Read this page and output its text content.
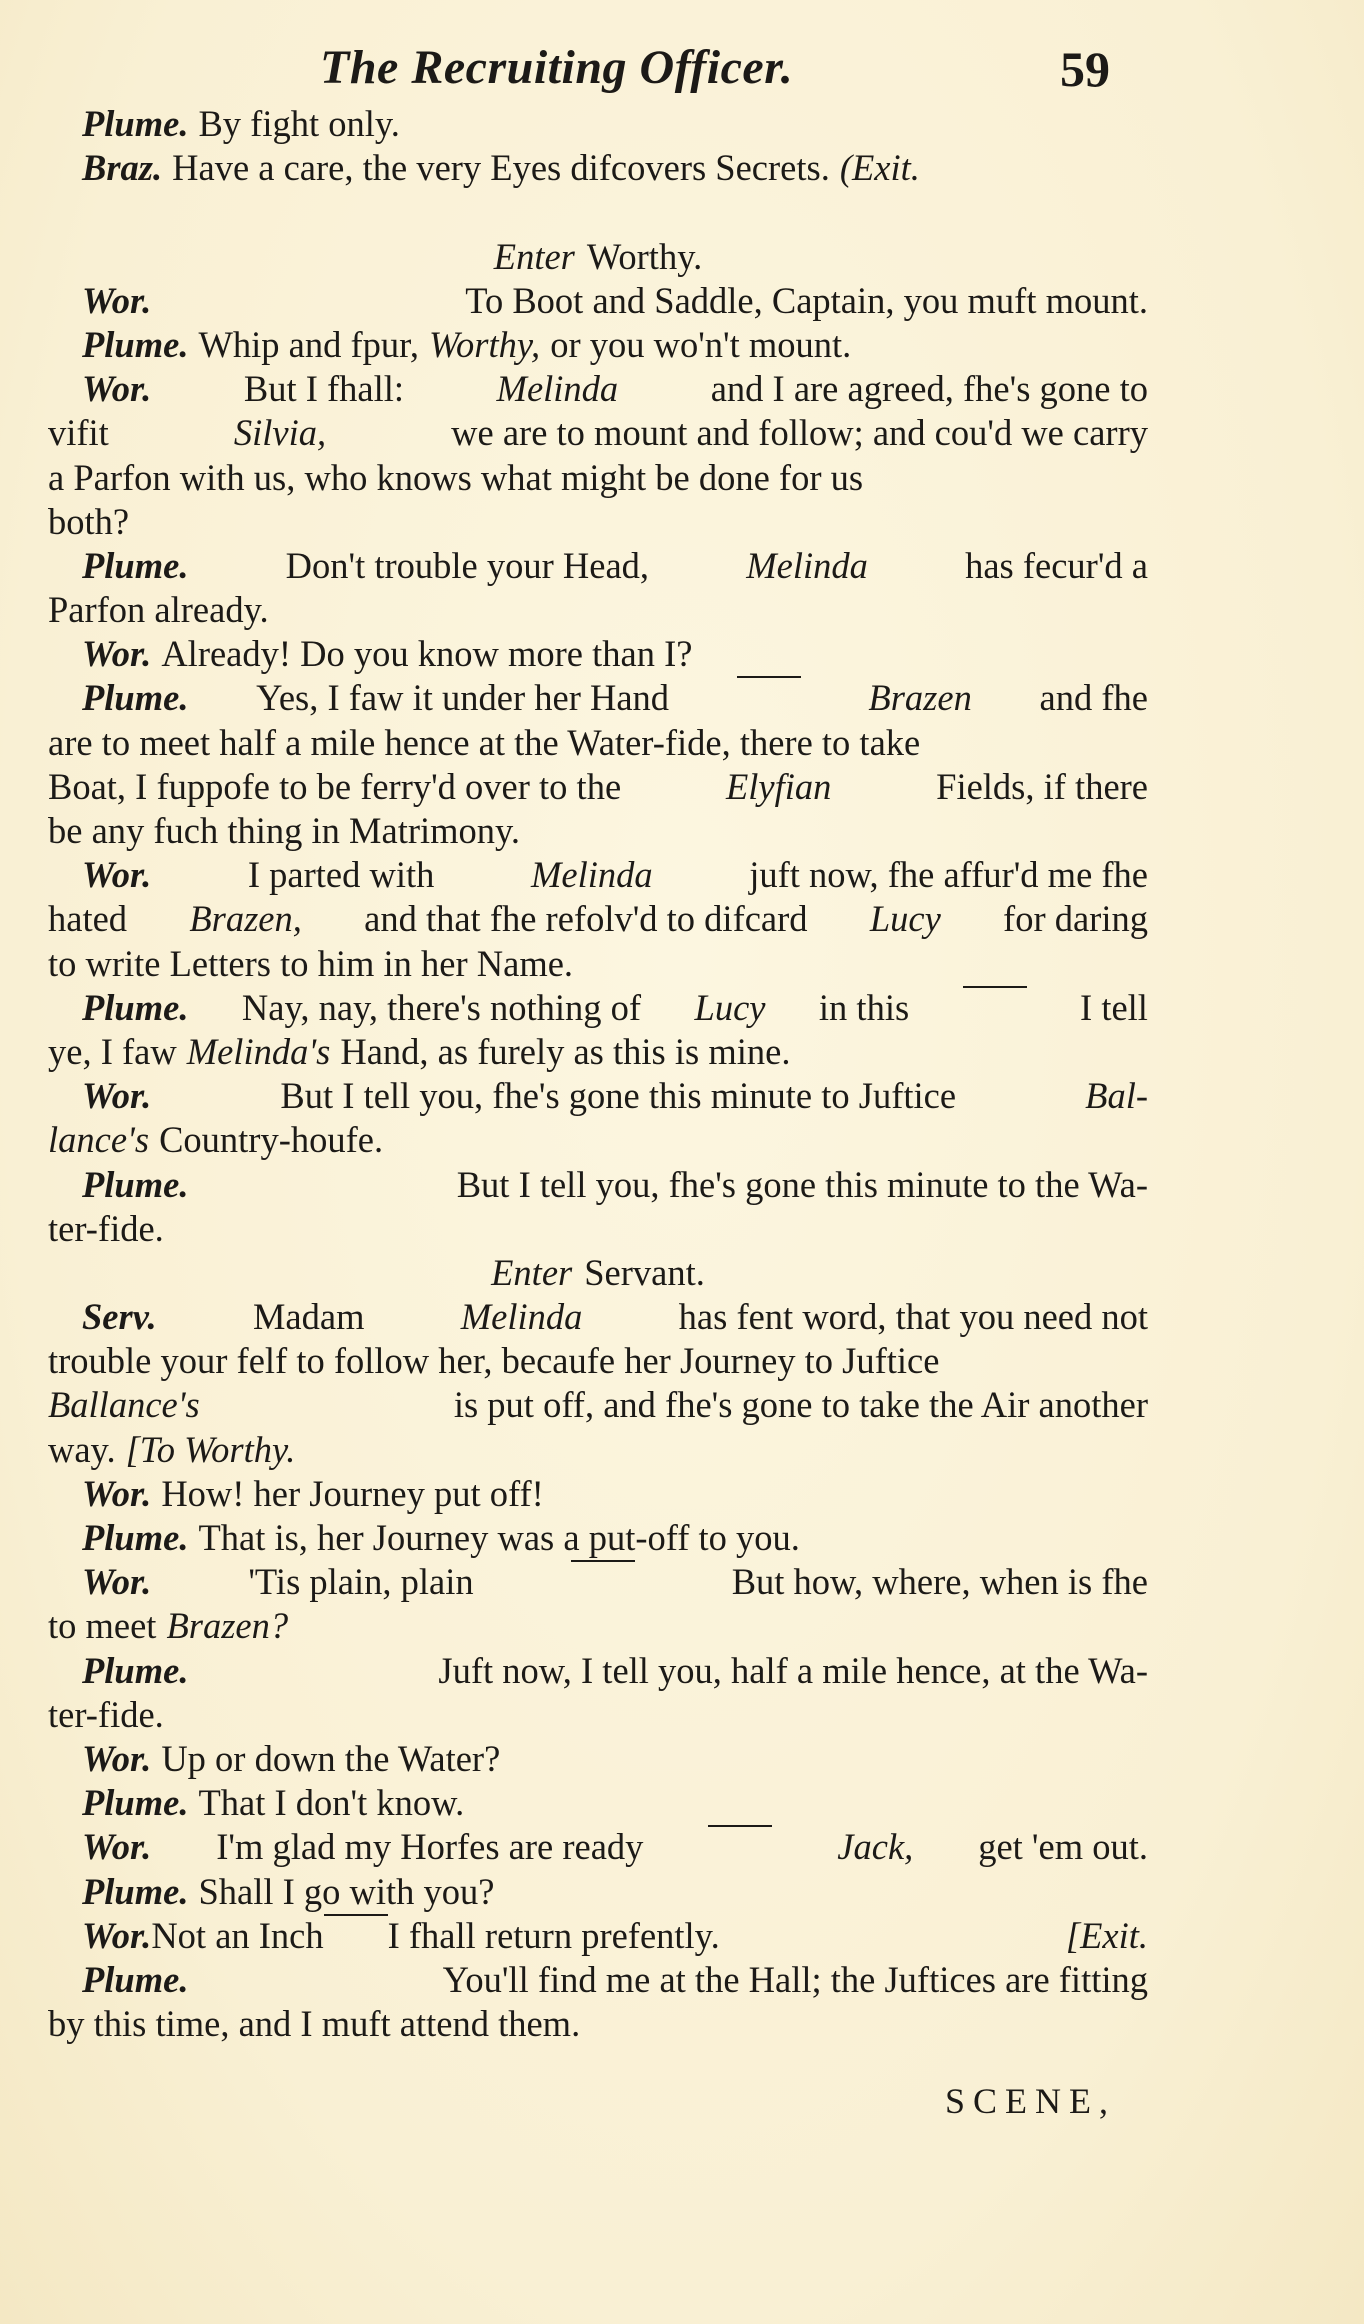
The Recruiting Officer.	59
Plume. By fight only.
Braz. Have a care, the very Eyes difcovers Secrets. (Exit.
Enter Worthy.
Wor.	To Boot and Saddle, Captain, you muft mount.
Plume. Whip and fpur, Worthy, or you wo'n't mount.
Wor.	But I fhall:	Melinda	and I are agreed, fhe's gone to
vifit	Silvia,	we are to mount and follow; and cou'd we carry
a Parfon with us, who knows what might be done for us
both?
Plume.	Don't trouble your Head,	Melinda	has fecur'd a
Parfon already.
Wor. Already! Do you know more than I?
Plume. Yes, I faw it under her Hand	Brazen and fhe
are to meet half a mile hence at the Water-fide, there to take
Boat, I fuppofe to be ferry'd over to the	Elyfian	Fields, if there
be any fuch thing in Matrimony.
Wor.	I parted with	Melinda	juft now, fhe affur'd me fhe
hated Brazen, and that fhe refolv'd to difcard Lucy for daring
to write Letters to him in her Name.
Plume. Nay, nay, there's nothing of Lucy in this	I tell
ye, I faw Melinda's Hand, as furely as this is mine.
Wor.	But I tell you, fhe's gone this minute to Juftice	Bal-
lance's Country-houfe.
Plume.	But I tell you, fhe's gone this minute to the Wa-
ter-fide.
Enter Servant.
Serv.	Madam	Melinda	has fent word, that you need not
trouble your felf to follow her, becaufe her Journey to Juftice
Ballance's	is put off, and fhe's gone to take the Air another
way. [To Worthy.
Wor. How! her Journey put off!
Plume. That is, her Journey was a put-off to you.
Wor.	'Tis plain, plain	But how, where, when is fhe
to meet Brazen?
Plume.	Juft now, I tell you, half a mile hence, at the Wa-
ter-fide.
Wor. Up or down the Water?
Plume. That I don't know.
Wor. I'm glad my Horfes are ready	Jack, get 'em out.
Plume. Shall I go with you?
Wor. Not an Inch I fhall return prefently.	[Exit.
Plume.	You'll find me at the Hall; the Juftices are fitting
by this time, and I muft attend them.
SCENE,
